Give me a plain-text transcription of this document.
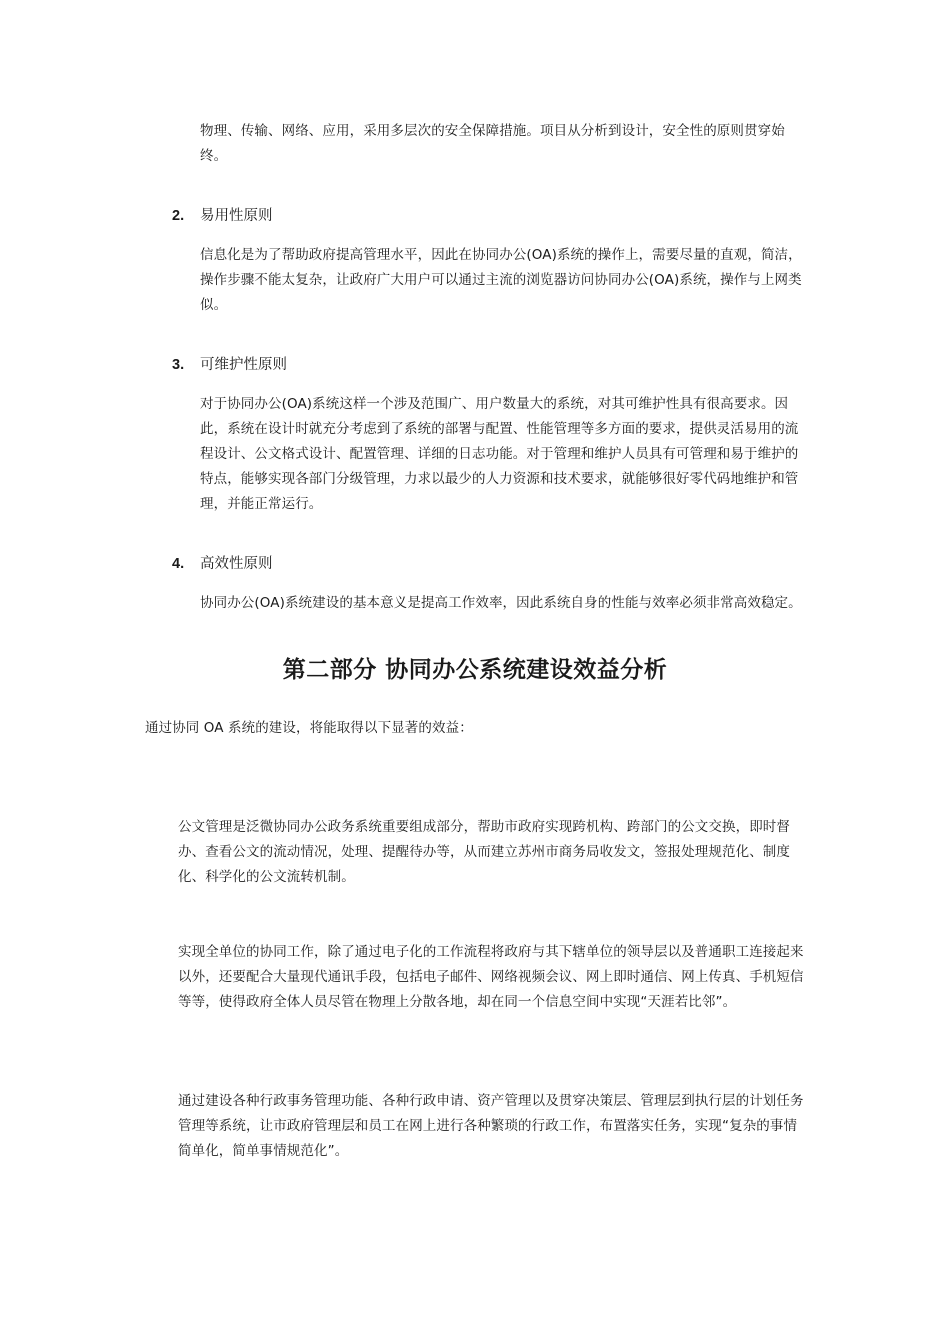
物理、传输、网络、应用，采用多层次的安全保障措施。项目从分析到设计，安全性的原则贯穿始终。

2. 易用性原则

信息化是为了帮助政府提高管理水平，因此在协同办公(OA)系统的操作上，需要尽量的直观，简洁，操作步骤不能太复杂，让政府广大用户可以通过主流的浏览器访问协同办公(OA)系统，操作与上网类似。

3. 可维护性原则

对于协同办公(OA)系统这样一个涉及范围广、用户数量大的系统，对其可维护性具有很高要求。因此，系统在设计时就充分考虑到了系统的部署与配置、性能管理等多方面的要求，提供灵活易用的流程设计、公文格式设计、配置管理、详细的日志功能。对于管理和维护人员具有可管理和易于维护的特点，能够实现各部门分级管理，力求以最少的人力资源和技术要求，就能够很好零代码地维护和管理，并能正常运行。

4. 高效性原则

协同办公(OA)系统建设的基本意义是提高工作效率，因此系统自身的性能与效率必须非常高效稳定。

第二部分 协同办公系统建设效益分析

通过协同 OA 系统的建设，将能取得以下显著的效益：

公文管理是泛微协同办公政务系统重要组成部分，帮助市政府实现跨机构、跨部门的公文交换，即时督办、查看公文的流动情况，处理、提醒待办等，从而建立苏州市商务局收发文，签报处理规范化、制度化、科学化的公文流转机制。

实现全单位的协同工作，除了通过电子化的工作流程将政府与其下辖单位的领导层以及普通职工连接起来以外，还要配合大量现代通讯手段，包括电子邮件、网络视频会议、网上即时通信、网上传真、手机短信等等，使得政府全体人员尽管在物理上分散各地，却在同一个信息空间中实现“天涯若比邻”。

通过建设各种行政事务管理功能、各种行政申请、资产管理以及贯穿决策层、管理层到执行层的计划任务管理等系统，让市政府管理层和员工在网上进行各种繁琐的行政工作，布置落实任务，实现“复杂的事情简单化，简单事情规范化”。
